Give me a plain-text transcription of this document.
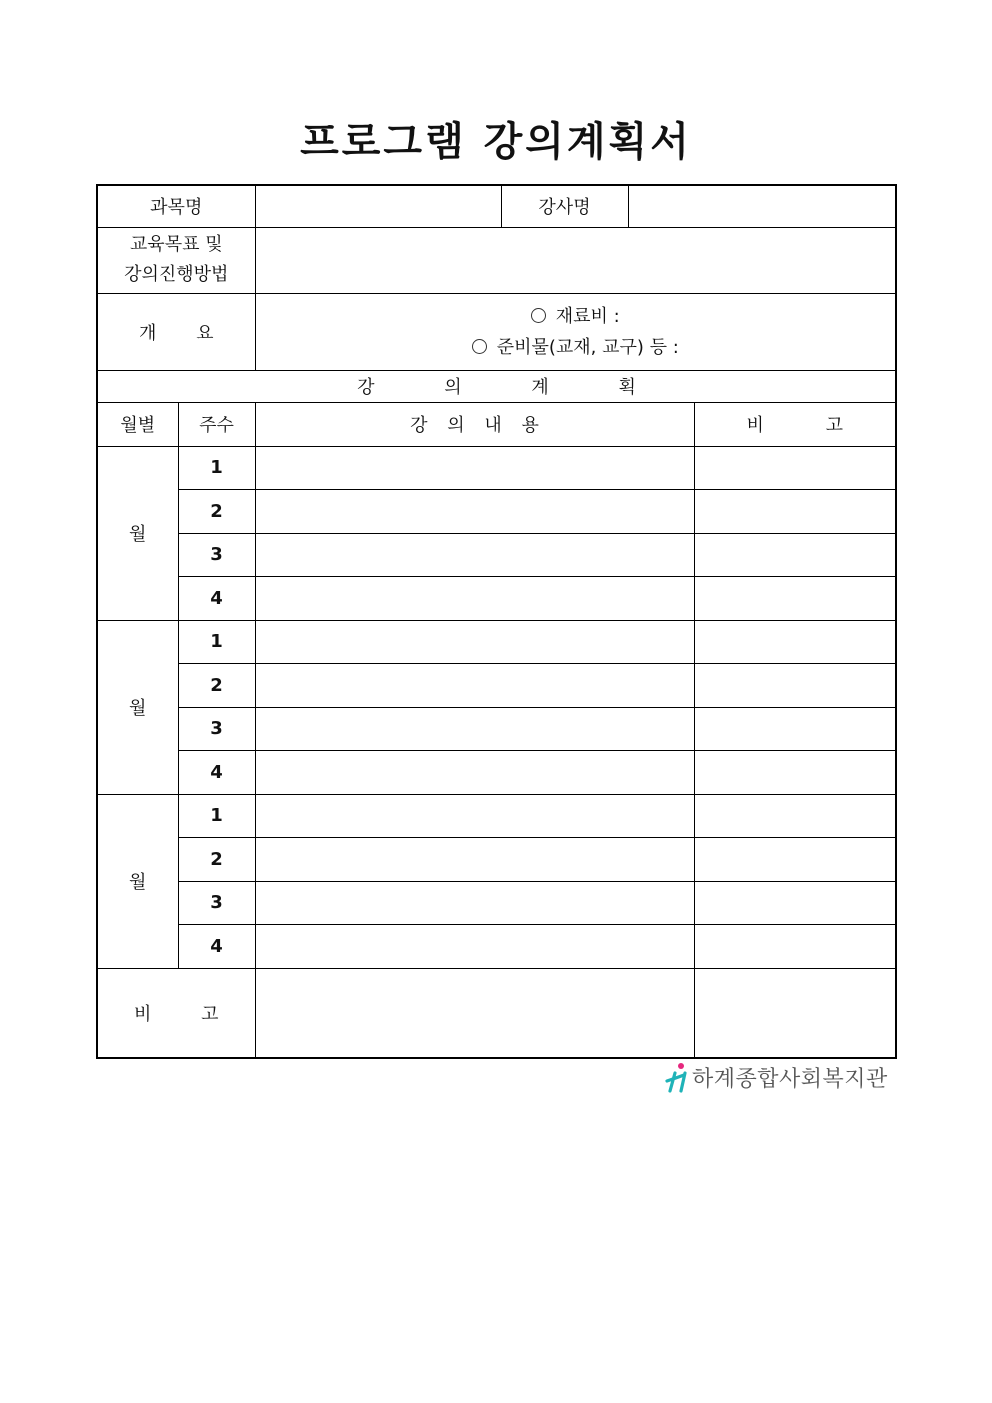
프로그램 강의계획서
과목명			강사명		

교육목표 및
강의진행방법					

개 요		재료비 :
준비물(교재, 교구) 등 :			

강 의 계 획					
월별	주수	강 의 내 용			비 고
월	1				
	2				
	3				
	4				
월	1				
	2				
	3				
	4				
월	1				
	2				
	3				
	4				
비 고					
하계종합사회복지관
